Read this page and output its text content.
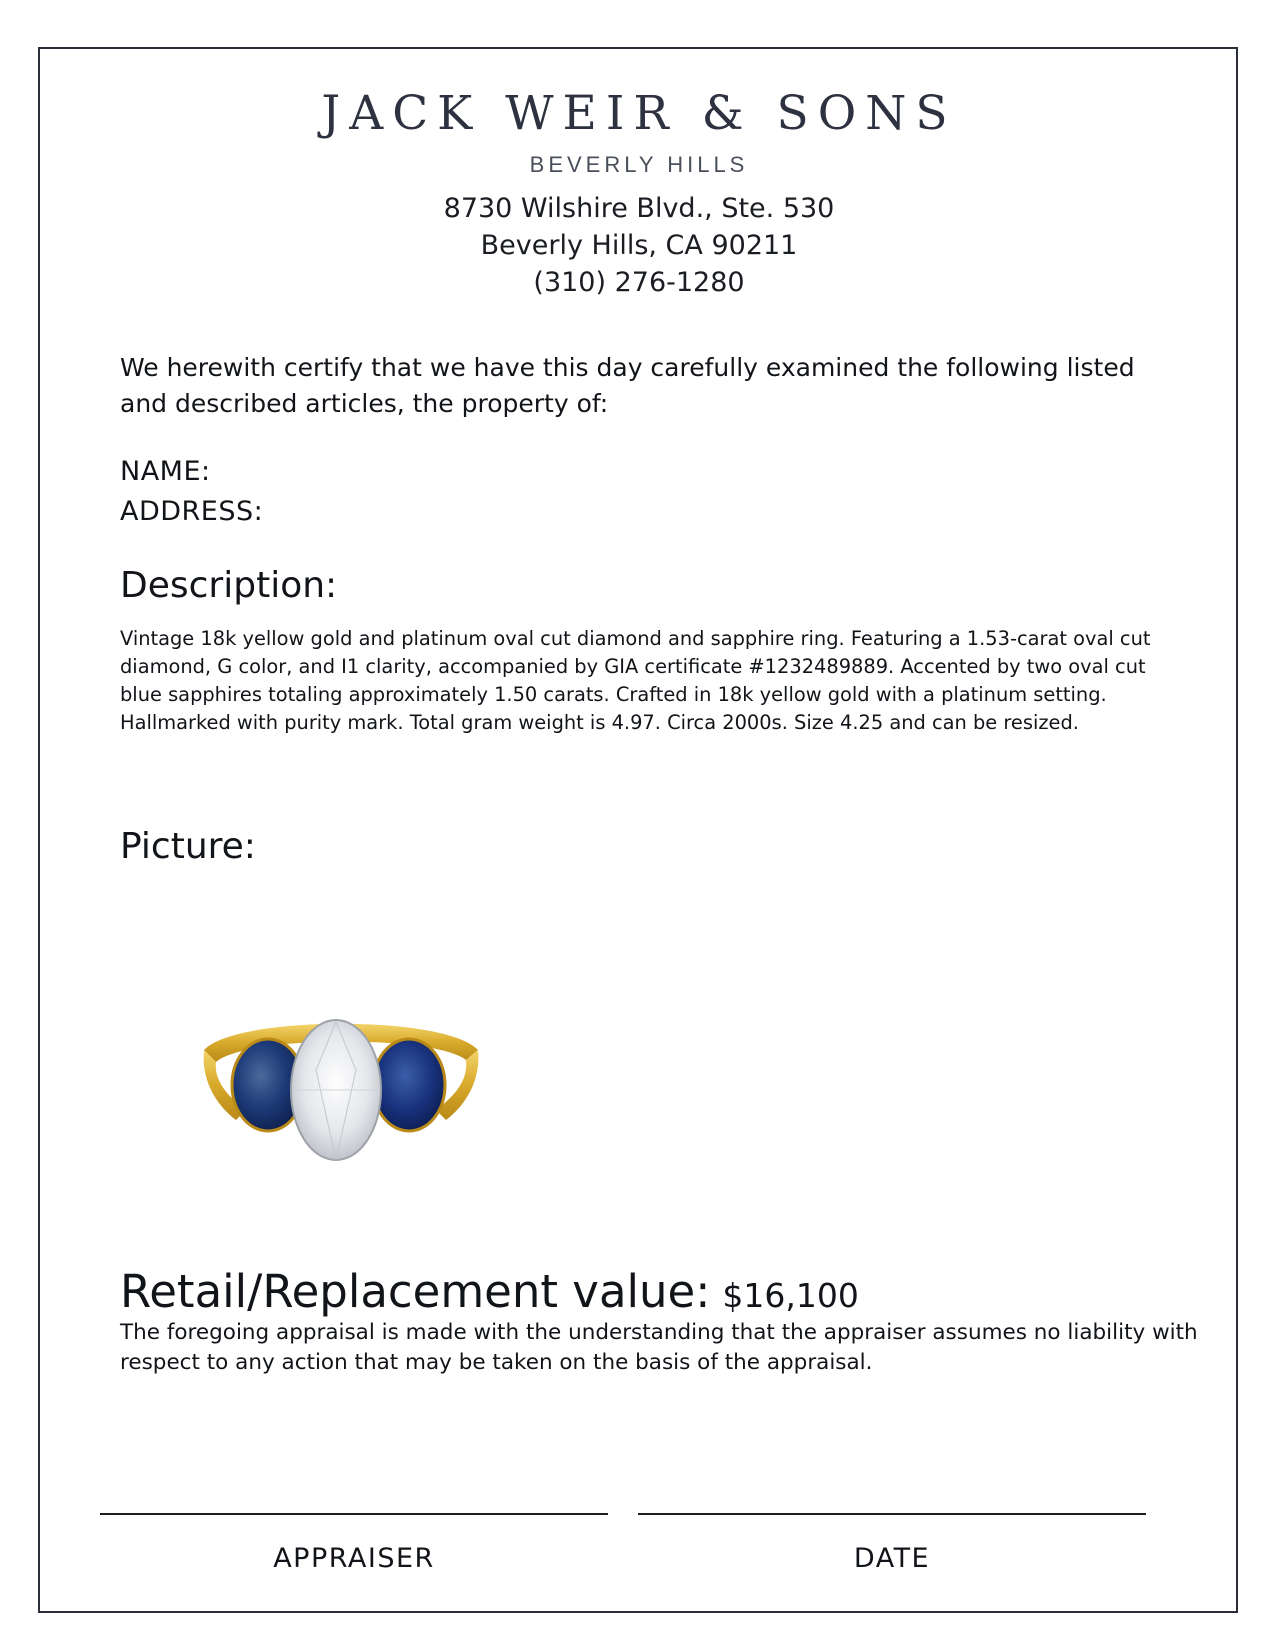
JACK WEIR & SONS
BEVERLY HILLS
8730 Wilshire Blvd., Ste. 530
Beverly Hills, CA 90211
(310) 276-1280
We herewith certify that we have this day carefully examined the following listed and described articles, the property of:
NAME:
ADDRESS:
Description:
Vintage 18k yellow gold and platinum oval cut diamond and sapphire ring. Featuring a 1.53-carat oval cut diamond, G color, and I1 clarity, accompanied by GIA certificate #1232489889. Accented by two oval cut blue sapphires totaling approximately 1.50 carats. Crafted in 18k yellow gold with a platinum setting. Hallmarked with purity mark. Total gram weight is 4.97. Circa 2000s. Size 4.25 and can be resized.
Picture:
Retail/Replacement value: $16,100
The foregoing appraisal is made with the understanding that the appraiser assumes no liability with respect to any action that may be taken on the basis of the appraisal.
APPRAISER	DATE
